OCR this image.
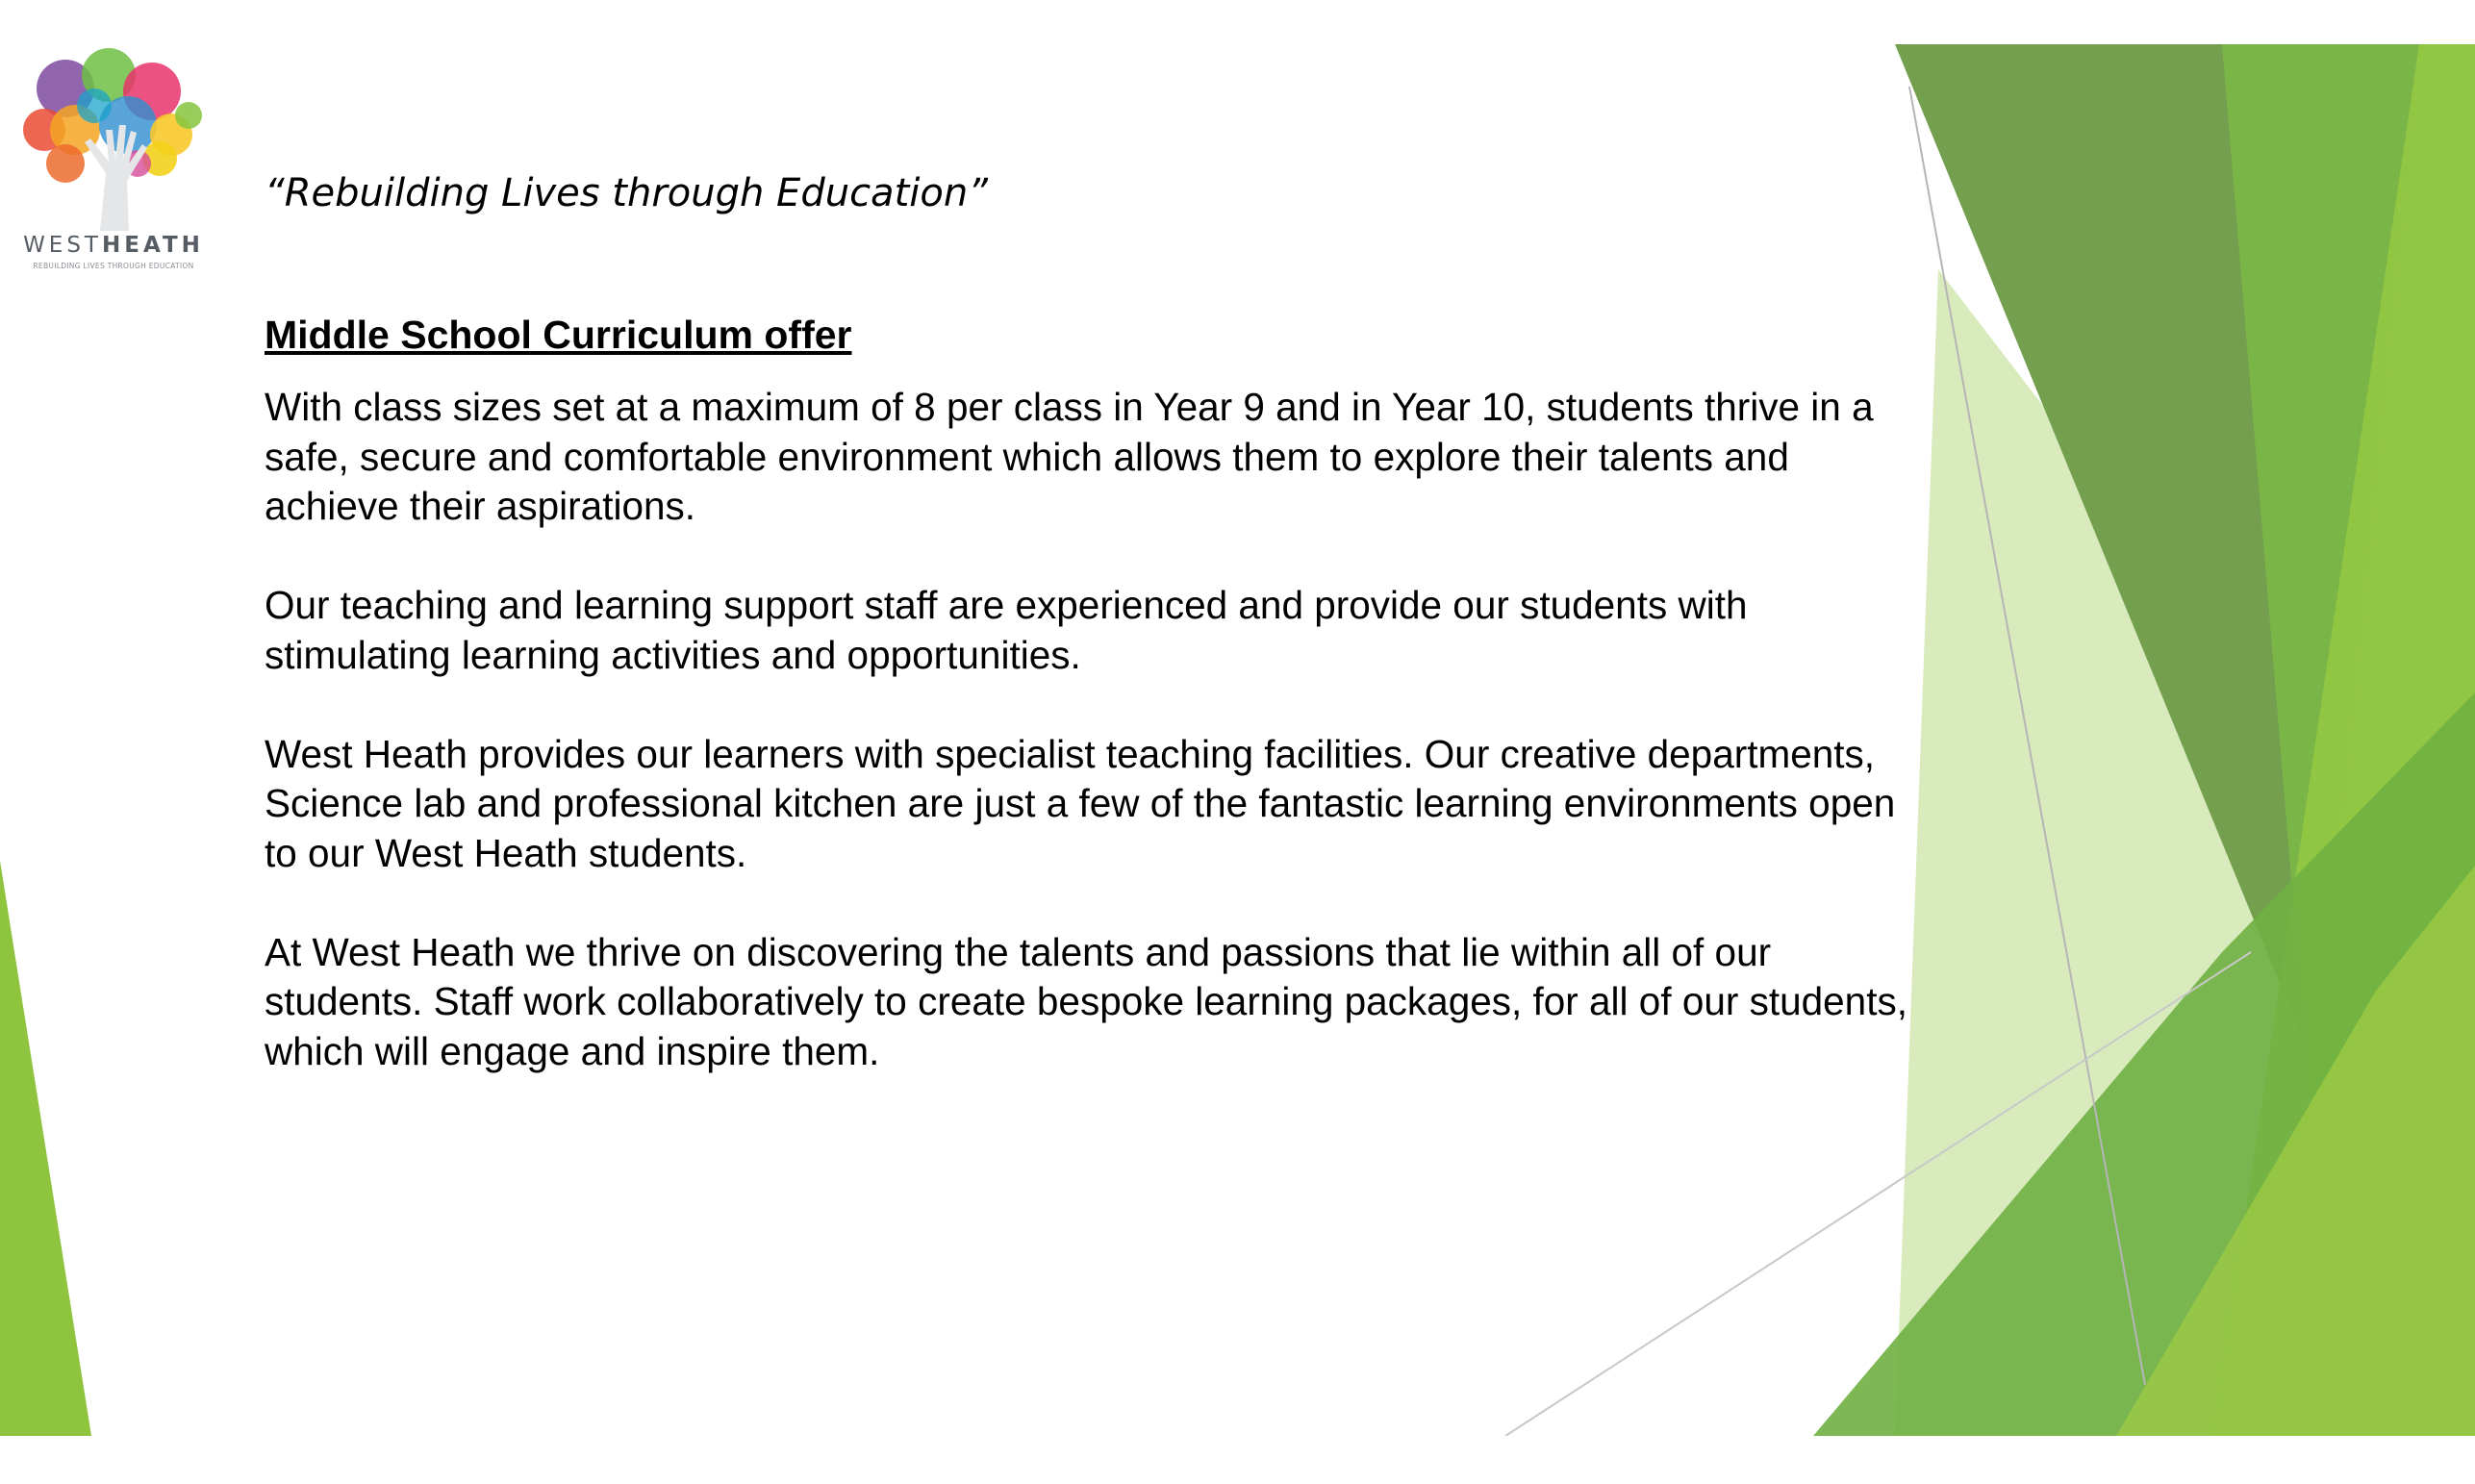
WESTHEATH
REBUILDING LIVES THROUGH EDUCATION
“Rebuilding Lives through Education”
Middle School Curriculum offer

With class sizes set at a maximum of 8 per class in Year 9 and in Year 10, students thrive in a safe, secure and comfortable environment which allows them to explore their talents and achieve their aspirations.

Our teaching and learning support staff are experienced and provide our students with stimulating learning activities and opportunities.

West Heath provides our learners with specialist teaching facilities. Our creative departments, Science lab and professional kitchen are just a few of the fantastic learning environments open to our West Heath students.

At West Heath we thrive on discovering the talents and passions that lie within all of our students. Staff work collaboratively to create bespoke learning packages, for all of our students, which will engage and inspire them.
